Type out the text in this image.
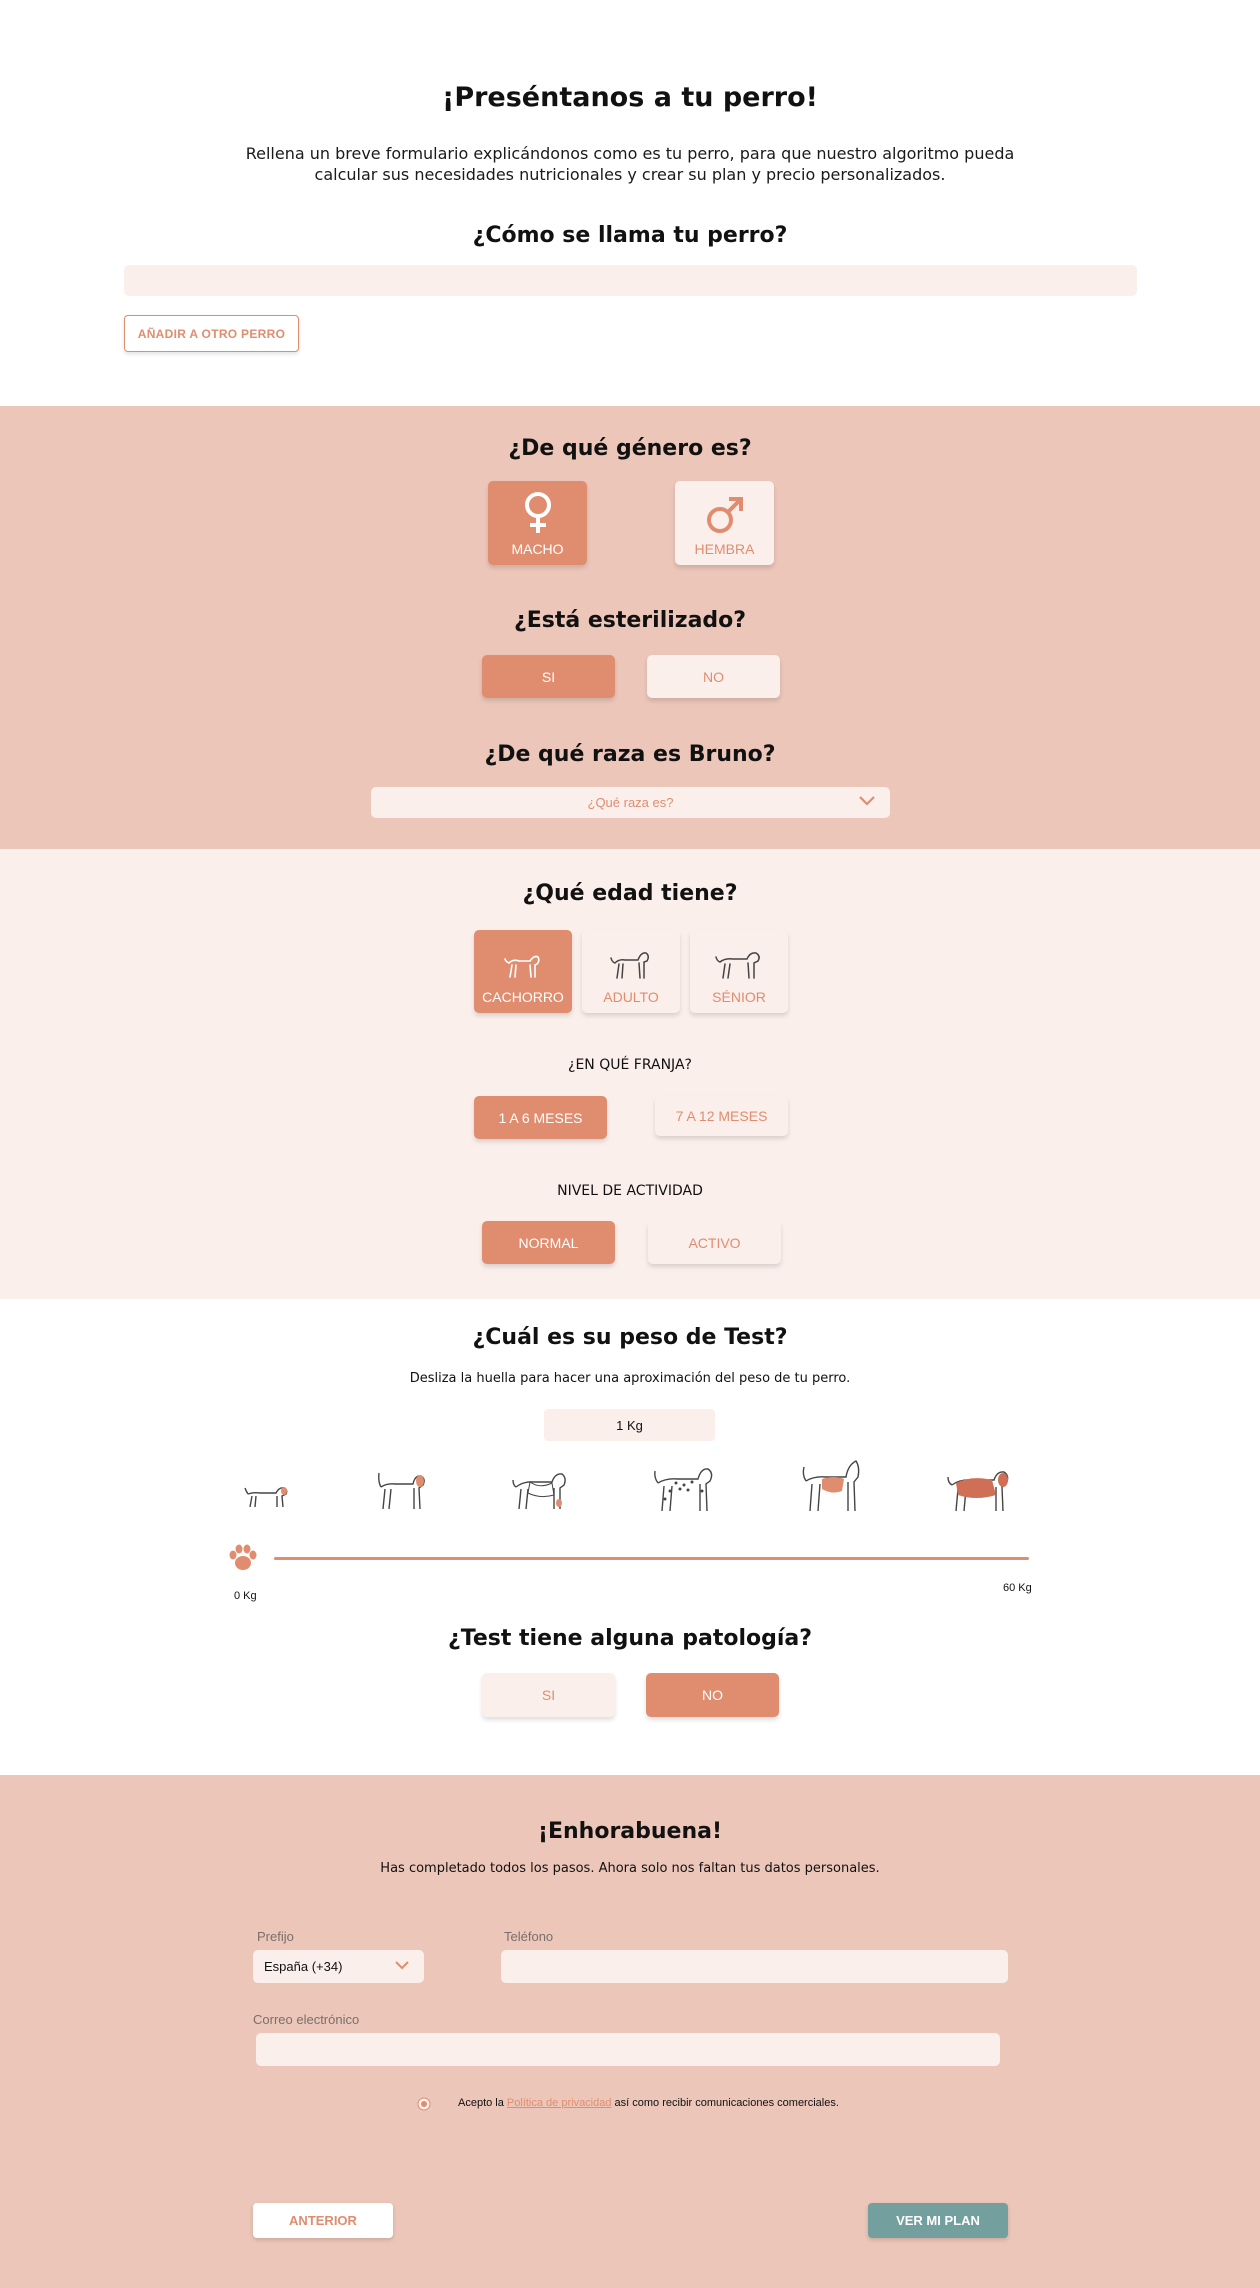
¡Preséntanos a tu perro!

Rellena un breve formulario explicándonos como es tu perro, para que nuestro algoritmo pueda calcular sus necesidades nutricionales y crear su plan y precio personalizados.

¿Cómo se llama tu perro?
AÑADIR A OTRO PERRO
¿De qué género es?
MACHO	HEMBRA
¿Está esterilizado?
SI	NO
¿De qué raza es Bruno?
¿Qué raza es?
¿Qué edad tiene?
CACHORRO	ADULTO	SÉNIOR
¿EN QUÉ FRANJA?
1 A 6 MESES	7 A 12 MESES
NIVEL DE ACTIVIDAD
NORMAL	ACTIVO
¿Cuál es su peso de Test?
Desliza la huella para hacer una aproximación del peso de tu perro.
1 Kg
0 Kg
60 Kg
¿Test tiene alguna patología?
SI	NO
¡Enhorabuena!
Has completado todos los pasos. Ahora solo nos faltan tus datos personales.
Prefijo
España (+34)
Teléfono
Correo electrónico
Acepto la Política de privacidad así como recibir comunicaciones comerciales.
ANTERIOR	VER MI PLAN
